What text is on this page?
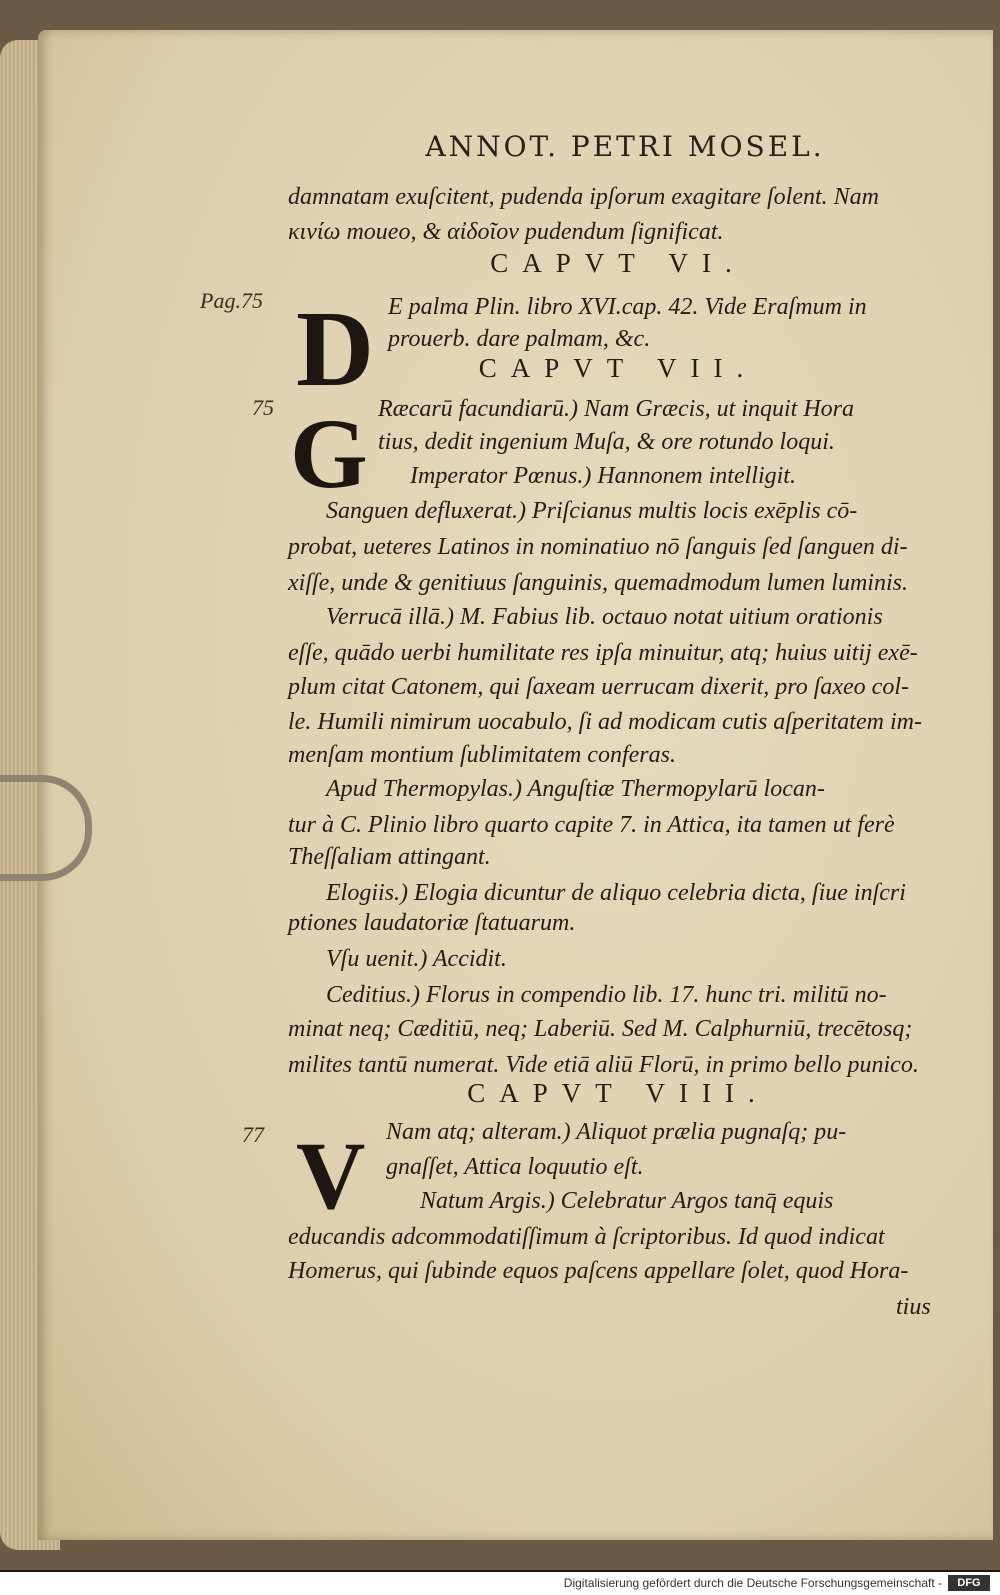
ANNOT. PETRI MOSEL.
damnatam exuſcitent, pudenda ipſorum exagitare ſolent. Nam
κινίω moueo, & αἰδοῖον pudendum ſignificat.
CAPVT VI.
Pag.75 D E palma Plin. libro XVI.cap. 42. Vide Eraſmum in
prouerb. dare palmam, &c.
CAPVT VII.
75 G Ræcarū facundiarū.) Nam Græcis, ut inquit Hora
tius, dedit ingenium Muſa, & ore rotundo loqui.
Imperator Pœnus.) Hannonem intelligit.
Sanguen defluxerat.) Priſcianus multis locis exēplis cō-
probat, ueteres Latinos in nominatiuo nō ſanguis ſed ſanguen di-
xiſſe, unde & genitiuus ſanguinis, quemadmodum lumen luminis.
Verrucā illā.) M. Fabius lib. octauo notat uitium orationis
eſſe, quādo uerbi humilitate res ipſa minuitur, atq; huius uitij exē-
plum citat Catonem, qui ſaxeam uerrucam dixerit, pro ſaxeo col-
le. Humili nimirum uocabulo, ſi ad modicam cutis aſperitatem im-
menſam montium ſublimitatem conferas.
Apud Thermopylas.) Anguſtiæ Thermopylarū locan-
tur à C. Plinio libro quarto capite 7. in Attica, ita tamen ut ferè
Theſſaliam attingant.
Elogiis.) Elogia dicuntur de aliquo celebria dicta, ſiue inſcri
ptiones laudatoriæ ſtatuarum.
Vſu uenit.) Accidit.
Ceditius.) Florus in compendio lib. 17. hunc tri. militū no-
minat neq; Cæditiū, neq; Laberiū. Sed M. Calphurniū, trecētosq;
milites tantū numerat. Vide etiā aliū Florū, in primo bello punico.
CAPVT VIII.
77 V Nam atq; alteram.) Aliquot prælia pugnaſq; pu-
gnaſſet, Attica loquutio eſt.
Natum Argis.) Celebratur Argos tanq̄ equis
educandis adcommodatiſſimum à ſcriptoribus. Id quod indicat
Homerus, qui ſubinde equos paſcens appellare ſolet, quod Hora-
tius
Digitalisierung gefördert durch die Deutsche Forschungsgemeinschaft -	DFG
